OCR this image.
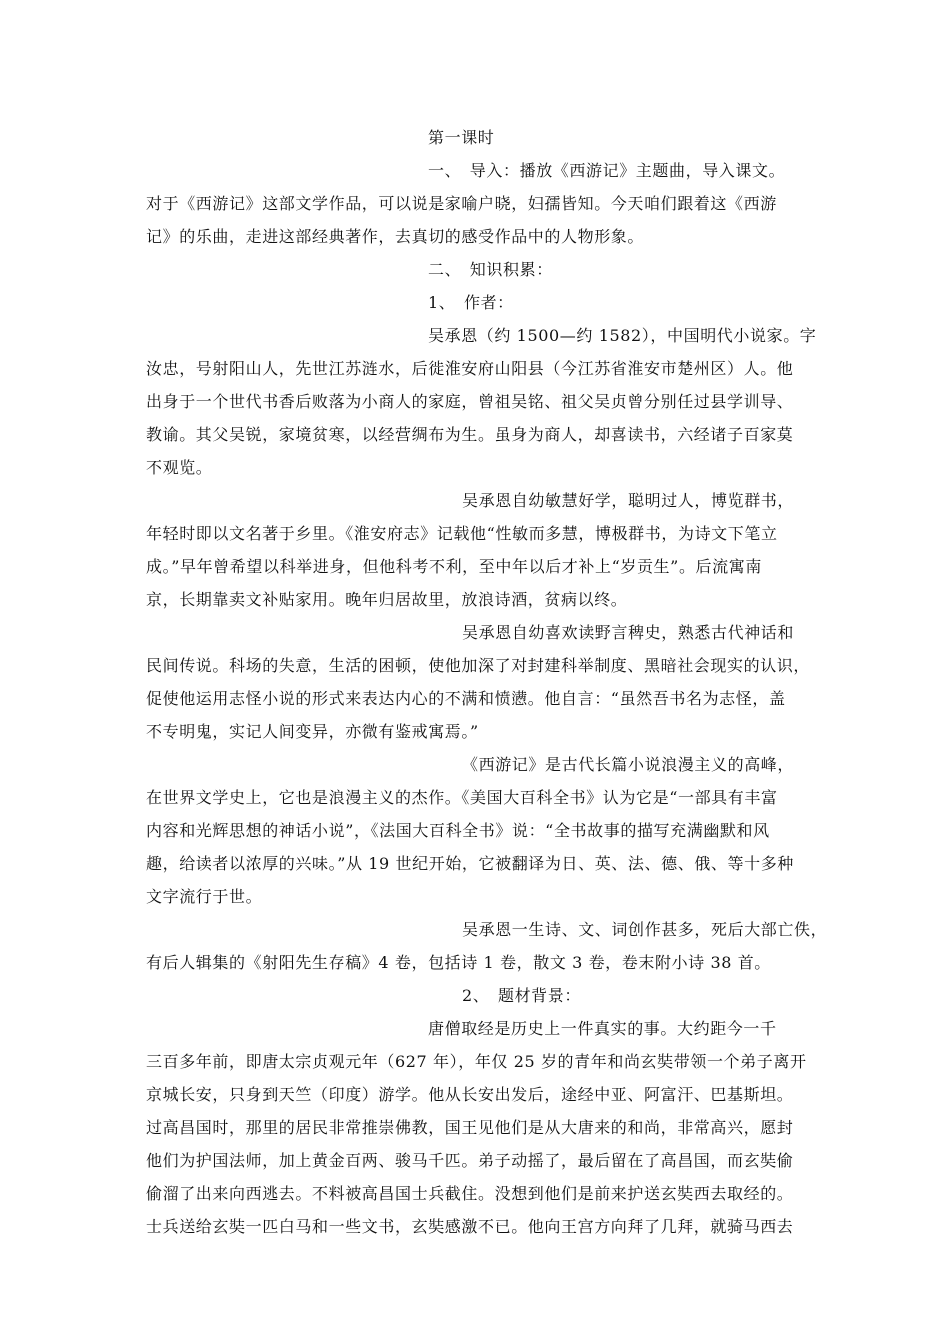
第一课时
一、　导入：播放《西游记》主题曲，导入课文。
对于《西游记》这部文学作品，可以说是家喻户晓，妇孺皆知。今天咱们跟着这《西游
记》的乐曲，走进这部经典著作，去真切的感受作品中的人物形象。
二、　知识积累：
1、　作者：
吴承恩（约 1500—约 1582），中国明代小说家。字
汝忠，号射阳山人，先世江苏涟水，后徙淮安府山阳县（今江苏省淮安市楚州区）人。他
出身于一个世代书香后败落为小商人的家庭，曾祖吴铭、祖父吴贞曾分别任过县学训导、
教谕。其父吴锐，家境贫寒，以经营绸布为生。虽身为商人，却喜读书，六经诸子百家莫
不观览。
吴承恩自幼敏慧好学，聪明过人，博览群书，
年轻时即以文名著于乡里。《淮安府志》记载他“性敏而多慧，博极群书，为诗文下笔立
成。”早年曾希望以科举进身，但他科考不利，至中年以后才补上“岁贡生”。后流寓南
京，长期靠卖文补贴家用。晚年归居故里，放浪诗酒，贫病以终。
吴承恩自幼喜欢读野言稗史，熟悉古代神话和
民间传说。科场的失意，生活的困顿，使他加深了对封建科举制度、黑暗社会现实的认识，
促使他运用志怪小说的形式来表达内心的不满和愤懑。他自言：“虽然吾书名为志怪，盖
不专明鬼，实记人间变异，亦微有鉴戒寓焉。”
《西游记》是古代长篇小说浪漫主义的高峰，
在世界文学史上，它也是浪漫主义的杰作。《美国大百科全书》认为它是“一部具有丰富
内容和光辉思想的神话小说”，《法国大百科全书》说：“全书故事的描写充满幽默和风
趣，给读者以浓厚的兴味。”从 19 世纪开始，它被翻译为日、英、法、德、俄、等十多种
文字流行于世。
吴承恩一生诗、文、词创作甚多，死后大部亡佚，
有后人辑集的《射阳先生存稿》4 卷，包括诗 1 卷，散文 3 卷，卷末附小诗 38 首。
2、　题材背景：
唐僧取经是历史上一件真实的事。大约距今一千
三百多年前，即唐太宗贞观元年（627 年），年仅 25 岁的青年和尚玄奘带领一个弟子离开
京城长安，只身到天竺（印度）游学。他从长安出发后，途经中亚、阿富汗、巴基斯坦。
过高昌国时，那里的居民非常推崇佛教，国王见他们是从大唐来的和尚，非常高兴，愿封
他们为护国法师，加上黄金百两、骏马千匹。弟子动摇了，最后留在了高昌国，而玄奘偷
偷溜了出来向西逃去。不料被高昌国士兵截住。没想到他们是前来护送玄奘西去取经的。
士兵送给玄奘一匹白马和一些文书，玄奘感激不已。他向王宫方向拜了几拜，就骑马西去
